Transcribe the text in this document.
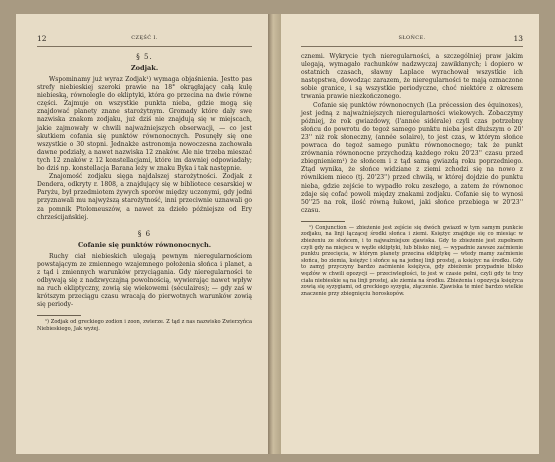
12	CZĘŚĆ I.
§ 5.
Zodjak.

Wspominamy już wyraz Zodjak¹) wymaga objaśnienia. Jestto pas strefy niebieskiej szeroki prawie na 18° okrągłający całą kulę niebieską, równolegle do ekliptyki, która go przecina na dwie równe części. Zajmuje on wszystkie punkta nieba, gdzie mogą się znajdować planety znane starożytnym. Gromady które daly swe nazwiska znakom zodjaku, już dziś nie znajdują się w miejscach, jakie zajmowały w chwili najważniejszych obserwacji, — co jest skutkiem cofania się punktów równonocnych. Posunęły się one wszystkie o 30 stopni. Jednakże astronomja nowoczesna zachowała dawne podziały, a nawet nazwiska 12 znaków. Ale nie trzeba mieszać tych 12 znaków z 12 konstellacjami, które im dawniej odpowiadały; bo dziś np. konstellacja Barana leży w znaku Byka i tak następnie.

Znajomość zodjaku sięga najdalszej starożytności. Zodjak z Dendera, odkryty r. 1808, a znajdujący się w bibliotece cesarskiej w Paryżu, był przedmiotem żywych sporów między uczonymi, gdy jedni przyznawali mu najwyższą starożytność, inni przeciwnie uznawali go za pomnik Ptolomeuszów, a nawet za dzieło późniejsze od Ery chrześcijańskiej.

§ 6
Cofanie się punktów równonocnych.

Ruchy ciał niebieskich ulegają pewnym nieregularnościom powstającym ze zmiennego wzajemnego położenia słońca i planet, a z tąd i zmiennych warunków przyciągania. Gdy nieregularności te odbywają się z nadzwyczajną powolnością, wywierając nawet wpływ na ruch ekliptyczny, zowią się wiekowemi (séculaires); — gdy zaś w krótszym przeciągu czasu wracają do pierwotnych warunków zowią się periody-

¹) Zodjak od greckiego zodion i zoon, zwierze. Z tąd z nas nazwisko Zwierzyńca Niebieskiego, Jak wyżej.
SŁOŃCE.	13

cznemi. Wykrycie tych nieregularności, a szczególniej praw jakim ulegają, wymagało rachunków nadzwyczaj zawikłanych; i dopiero w ostatnich czasach, sławny Laplace wyrachował wszystkie ich następstwa, dowodząc zarazem, że nieregularności te mają ozmaczone sobie granice, i są wszystkie periodyczne, choć niektóre z okresem trwania prawie niezkończonego.

Cofanie się punktów równonocnych (La précession des équinoxes), jest jedną z najważniejszych nieregularności wiekowych. Zobaczymy później, że rok gwiazdowy, (l'année sidérale) czyli czas potrzebny słońcu do powrotu do tegoż samego punktu nieba jest dłuższym o 20' 23'' niż rok słoneczny, (année solaire), to jest czas, w którym słońce powraca do tegoż samego punktu równonocnego; tak że punkt zrównania równonocne przychodzą każdego roku 20'23'' czasu przed zbiegnieniem¹) że słońcem i z tąd samą gwiazdą roku poprzedniego. Ztąd wynika, że słońce widziane z ziemi zchodzi się na nowo z równikiem nieco (tj. 20'23'') przed chwilą, w której dojdzie do punktu nieba, gdzie zejście to wypadło roku zeszłego, a zatem że równonoc zdaje się cofać powoli między znakami zodjaku. Cofanie się to wynosi 50''25 na rok, ilość równą łukowi, jaki słońce przebiega w 20'23'' czasu.

¹) Conjunction — zbieżenie jest zejście się dwóch gwiazd w tym samym punkcie zodjaku, na linji łączącej środki słońca i ziemi. Księżyc znajduje się co miesiąc w zbieżeniu ze słońcem, i to najważniejsze zjawiska. Gdy to zbieżenie jest zupełnem czyli gdy na miejscu w węźle ekliptyki, lub blisko niej, — wypadnie zawsze zaćmienie punktu przecięcia, w którym planety przecina ekliptykę — wtedy mamy zaćmienie słońca, bo ziemia, księżyc i słońce są na jednej linji prostej, a księżyc na środku. Gdy to zamyj przyczyny bardzo zaćmienie księżyca, gdy zbieżenie przypadnie blisko węzłów w chwili opozycji — przeciwległości, to jest w czasie pełni, czyli gdy te trzy ciała niebieskie są na linji prostej, ale ziemia na środku. Zbieżenia i opozycja księżyca zowią się syzygiami, od greckiego syzygia, złączenie. Zjawiska te mieć bardzo wielkie znaczenie przy zbiegnięciu horoskopów.
